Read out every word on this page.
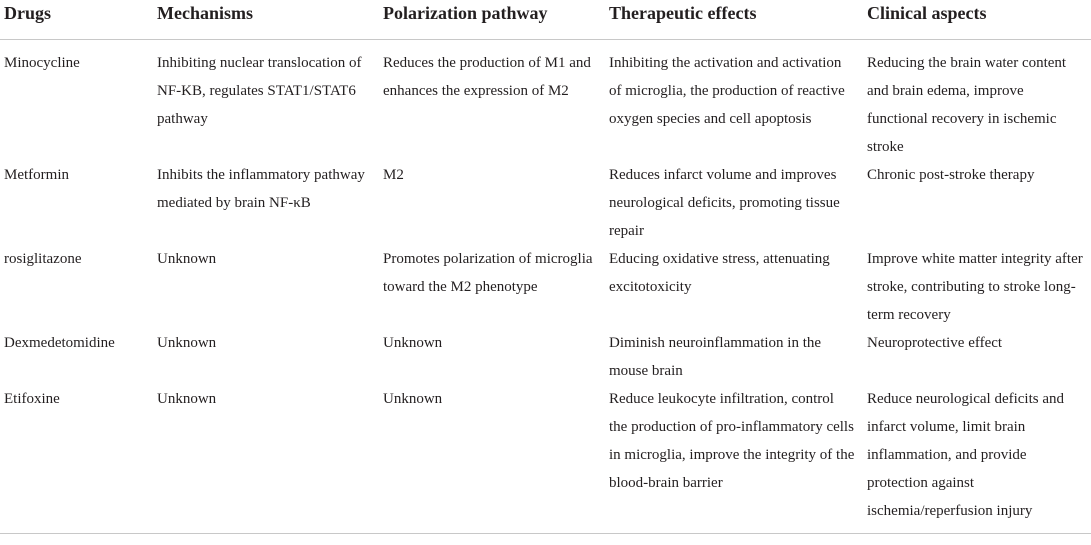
Drugs	Mechanisms	Polarization pathway	Therapeutic effects	Clinical aspects
Minocycline	Inhibiting nuclear translocation of NF-KB, regulates STAT1/STAT6 pathway	Reduces the production of M1 and enhances the expression of M2	Inhibiting the activation and activation of microglia, the production of reactive oxygen species and cell apoptosis	Reducing the brain water content and brain edema, improve functional recovery in ischemic stroke
Metformin	Inhibits the inflammatory pathway mediated by brain NF-κB	M2	Reduces infarct volume and improves neurological deficits, promoting tissue repair	Chronic post-stroke therapy
rosiglitazone	Unknown	Promotes polarization of microglia toward the M2 phenotype	Educing oxidative stress, attenuating excitotoxicity	Improve white matter integrity after stroke, contributing to stroke long-term recovery
Dexmedetomidine	Unknown	Unknown	Diminish neuroinflammation in the mouse brain	Neuroprotective effect
Etifoxine	Unknown	Unknown	Reduce leukocyte infiltration, control the production of pro-inflammatory cells in microglia, improve the integrity of the blood-brain barrier	Reduce neurological deficits and infarct volume, limit brain inflammation, and provide protection against ischemia/reperfusion injury
